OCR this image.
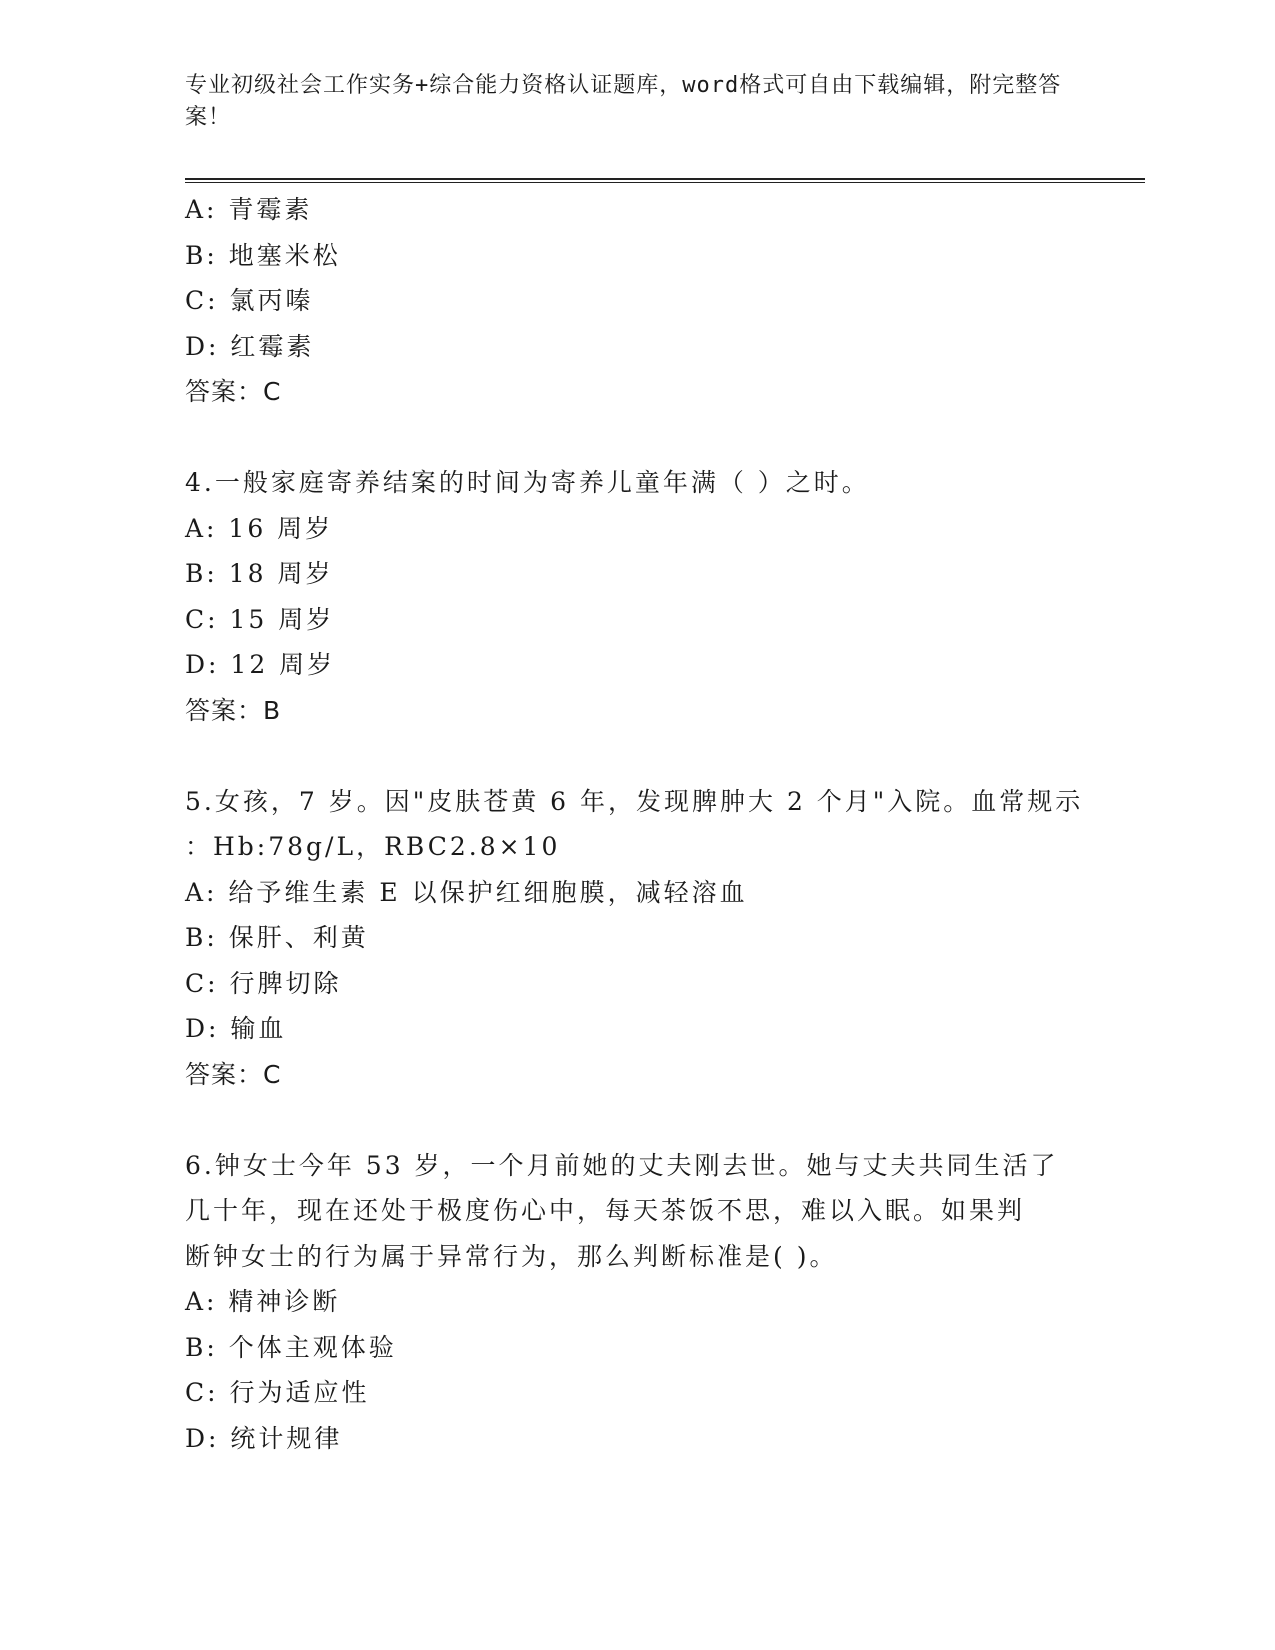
专业初级社会工作实务+综合能力资格认证题库，word格式可自由下载编辑，附完整答案！
A: 青霉素
B: 地塞米松
C: 氯丙嗪
D: 红霉素
答案：C
4.一般家庭寄养结案的时间为寄养儿童年满（ ）之时。
A: 16 周岁
B: 18 周岁
C: 15 周岁
D: 12 周岁
答案：B
5.女孩，7 岁。因"皮肤苍黄 6 年，发现脾肿大 2 个月"入院。血常规示
：Hb:78g/L，RBC2.8×10
A: 给予维生素 E 以保护红细胞膜，减轻溶血
B: 保肝、利黄
C: 行脾切除
D: 输血
答案：C
6.钟女士今年 53 岁，一个月前她的丈夫刚去世。她与丈夫共同生活了
几十年，现在还处于极度伤心中，每天茶饭不思，难以入眠。如果判
断钟女士的行为属于异常行为，那么判断标准是( )。
A: 精神诊断
B: 个体主观体验
C: 行为适应性
D: 统计规律
